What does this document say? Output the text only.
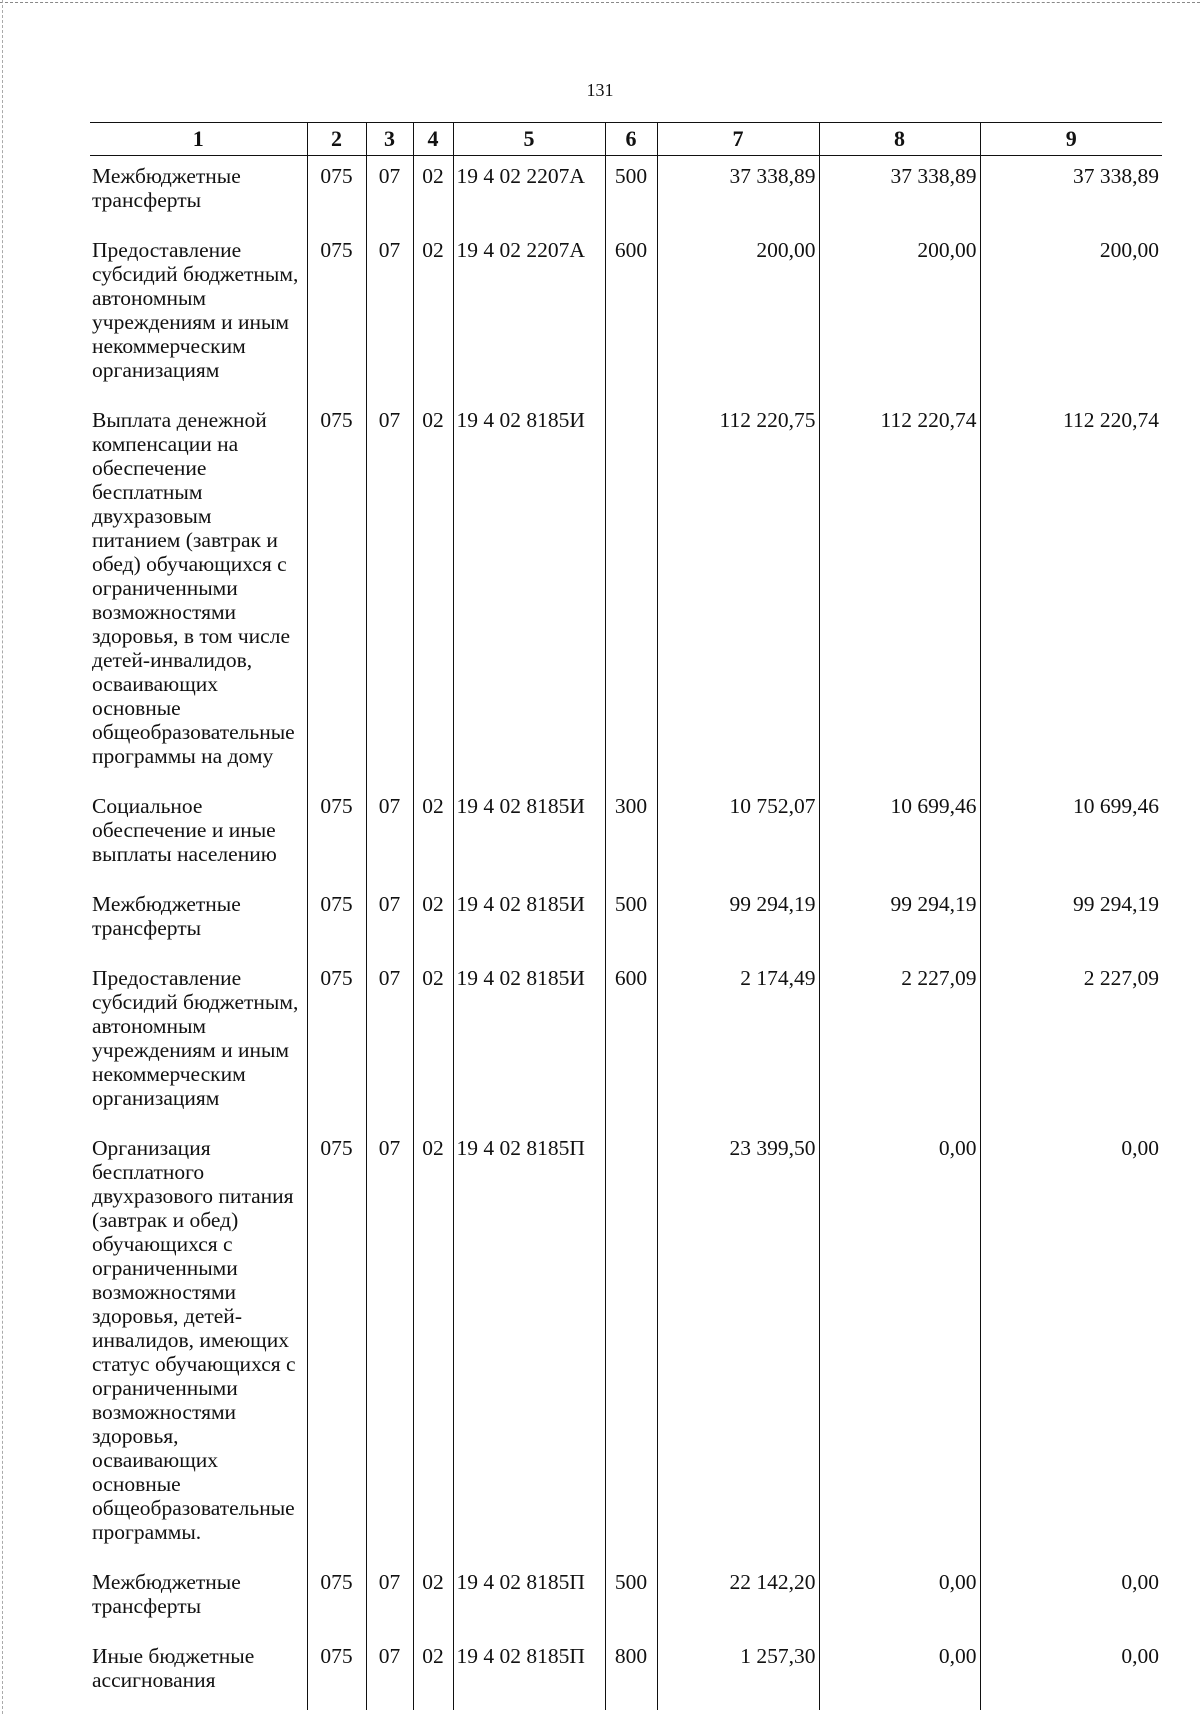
131
1	2	3	4	5	6	7	8	9
Межбюджетные трансферты	075	07	02	19 4 02 2207А	500	37 338,89	37 338,89	37 338,89
Предоставление субсидий бюджетным, автономным учреждениям и иным некоммерческим организациям	075	07	02	19 4 02 2207А	600	200,00	200,00	200,00
Выплата денежной компенсации на обеспечение бесплатным двухразовым питанием (завтрак и обед) обучающихся с ограниченными возможностями здоровья, в том числе детей-инвалидов, осваивающих основные общеобразовательные программы на дому	075	07	02	19 4 02 8185И		112 220,75	112 220,74	112 220,74
Социальное обеспечение и иные выплаты населению	075	07	02	19 4 02 8185И	300	10 752,07	10 699,46	10 699,46
Межбюджетные трансферты	075	07	02	19 4 02 8185И	500	99 294,19	99 294,19	99 294,19
Предоставление субсидий бюджетным, автономным учреждениям и иным некоммерческим организациям	075	07	02	19 4 02 8185И	600	2 174,49	2 227,09	2 227,09
Организация бесплатного двухразового питания (завтрак и обед) обучающихся с ограниченными возможностями здоровья, детей-инвалидов, имеющих статус обучающихся с ограниченными возможностями здоровья, осваивающих основные общеобразовательные программы.	075	07	02	19 4 02 8185П		23 399,50	0,00	0,00
Межбюджетные трансферты	075	07	02	19 4 02 8185П	500	22 142,20	0,00	0,00
Иные бюджетные ассигнования	075	07	02	19 4 02 8185П	800	1 257,30	0,00	0,00
